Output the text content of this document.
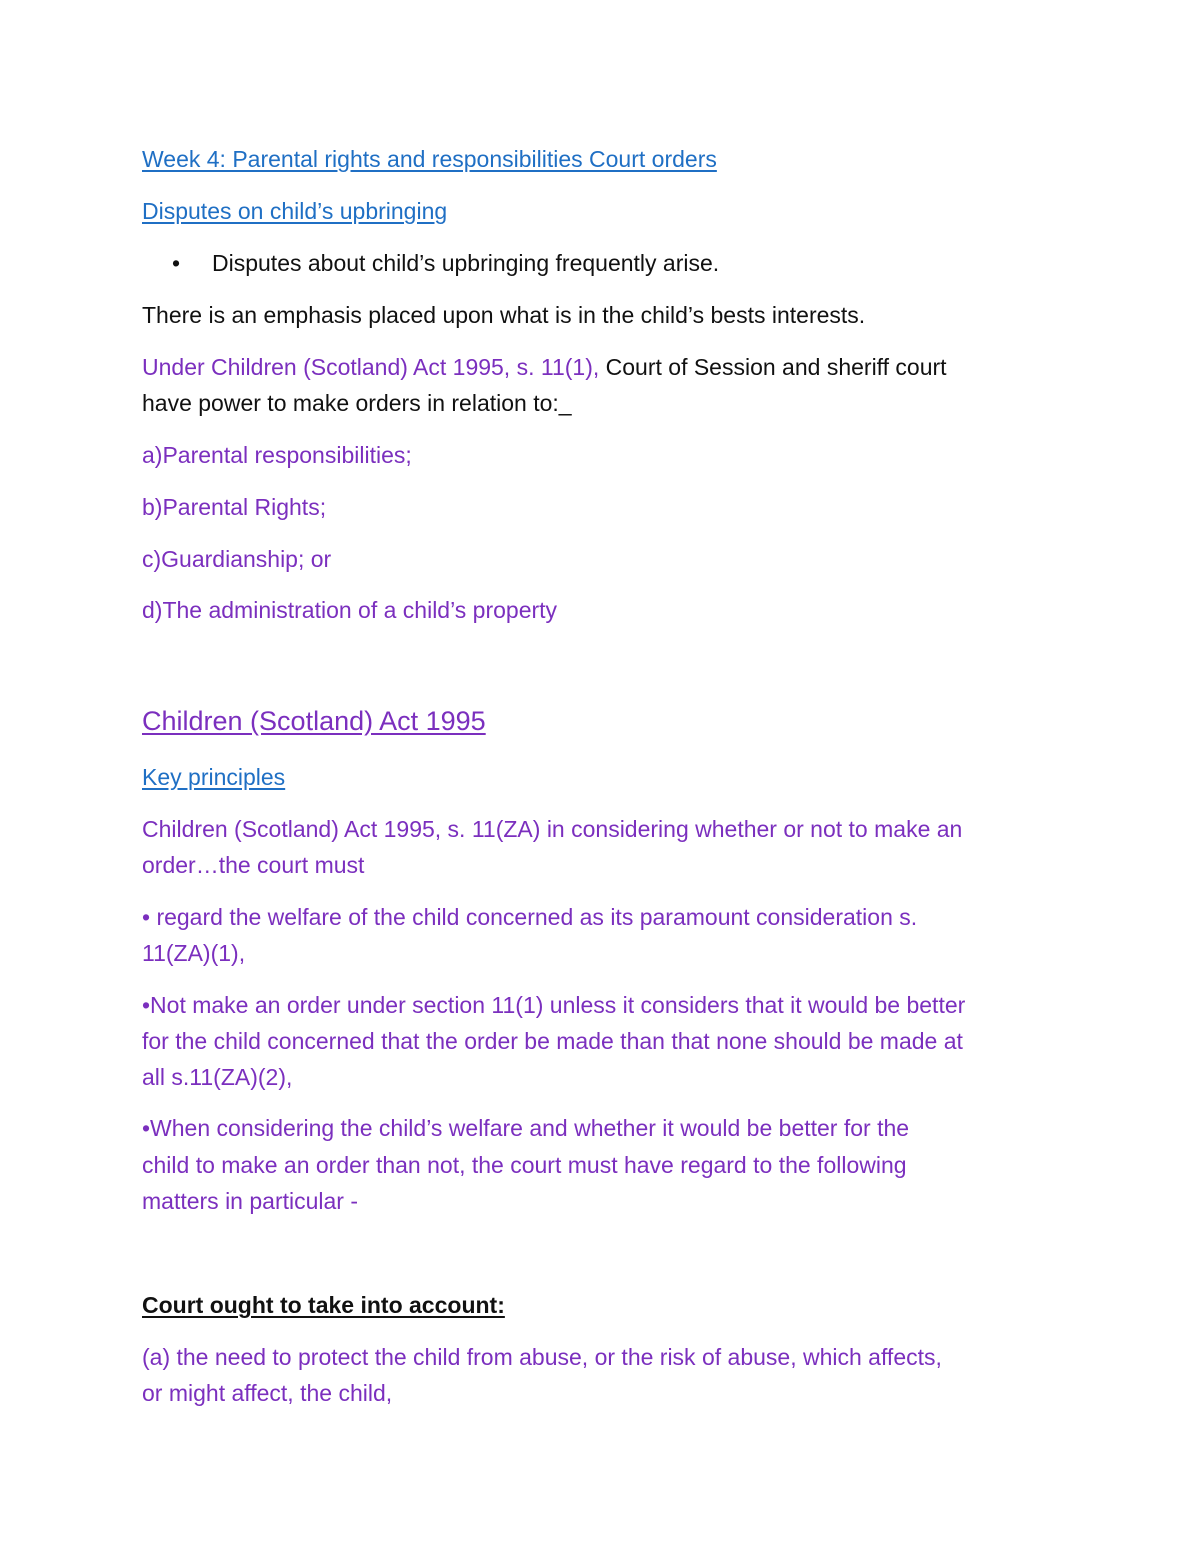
Week 4: Parental rights and responsibilities Court orders

Disputes on child’s upbringing

• Disputes about child’s upbringing frequently arise.

There is an emphasis placed upon what is in the child’s bests interests.

Under Children (Scotland) Act 1995, s. 11(1), Court of Session and sheriff court

have power to make orders in relation to:_

a)Parental responsibilities;

b)Parental Rights;

c)Guardianship; or

d)The administration of a child’s property

Children (Scotland) Act 1995

Key principles

Children (Scotland) Act 1995, s. 11(ZA) in considering whether or not to make an

order…the court must

• regard the welfare of the child concerned as its paramount consideration s.

11(ZA)(1),

•Not make an order under section 11(1) unless it considers that it would be better

for the child concerned that the order be made than that none should be made at

all s.11(ZA)(2),

•When considering the child’s welfare and whether it would be better for the

child to make an order than not, the court must have regard to the following

matters in particular -

Court ought to take into account:

(a) the need to protect the child from abuse, or the risk of abuse, which affects,

or might affect, the child,
